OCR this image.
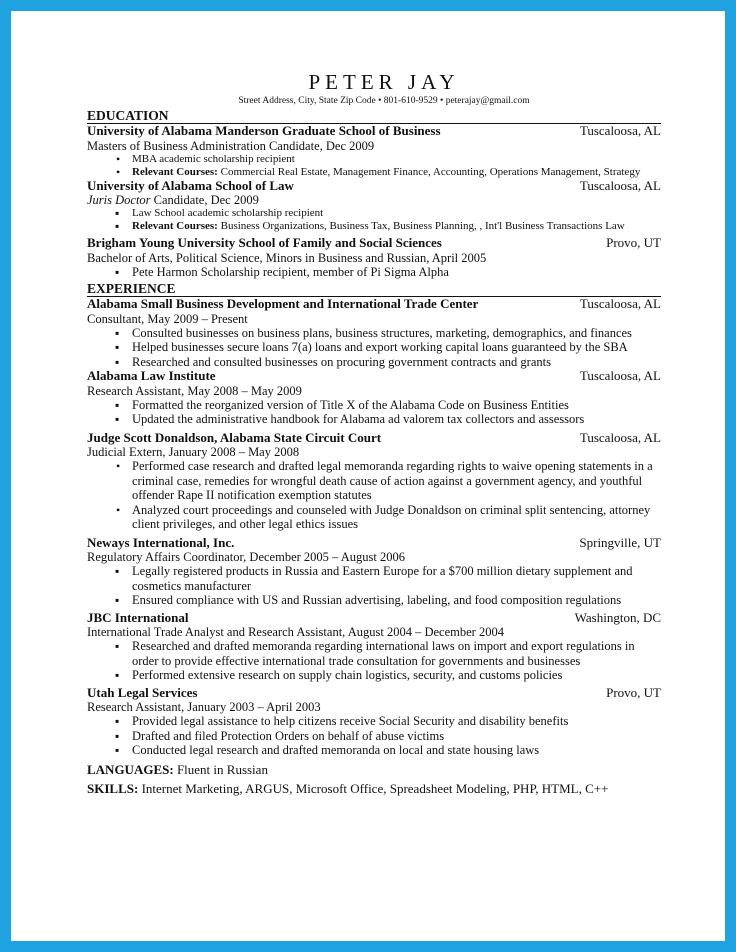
PETER JAY
Street Address, City, State Zip Code • 801-610-9529 • peterajay@gmail.com
EDUCATION
University of Alabama Manderson Graduate School of Business	Tuscaloosa, AL
Masters of Business Administration Candidate, Dec 2009
• MBA academic scholarship recipient
• Relevant Courses: Commercial Real Estate, Management Finance, Accounting, Operations Management, Strategy
University of Alabama School of Law	Tuscaloosa, AL
Juris Doctor Candidate, Dec 2009
▪ Law School academic scholarship recipient
▪ Relevant Courses: Business Organizations, Business Tax, Business Planning, , Int'l Business Transactions Law
Brigham Young University School of Family and Social Sciences	Provo, UT
Bachelor of Arts, Political Science, Minors in Business and Russian, April 2005
▪ Pete Harmon Scholarship recipient, member of Pi Sigma Alpha
EXPERIENCE
Alabama Small Business Development and International Trade Center	Tuscaloosa, AL
Consultant, May 2009 – Present
▪ Consulted businesses on business plans, business structures, marketing, demographics, and finances
▪ Helped businesses secure loans 7(a) loans and export working capital loans guaranteed by the SBA
▪ Researched and consulted businesses on procuring government contracts and grants
Alabama Law Institute	Tuscaloosa, AL
Research Assistant, May 2008 – May 2009
▪ Formatted the reorganized version of Title X of the Alabama Code on Business Entities
▪ Updated the administrative handbook for Alabama ad valorem tax collectors and assessors
Judge Scott Donaldson, Alabama State Circuit Court	Tuscaloosa, AL
Judicial Extern, January 2008 – May 2008
• Performed case research and drafted legal memoranda regarding rights to waive opening statements in a criminal case, remedies for wrongful death cause of action against a government agency, and youthful offender Rape II notification exemption statutes
• Analyzed court proceedings and counseled with Judge Donaldson on criminal split sentencing, attorney client privileges, and other legal ethics issues
Neways International, Inc.	Springville, UT
Regulatory Affairs Coordinator, December 2005 – August 2006
▪ Legally registered products in Russia and Eastern Europe for a $700 million dietary supplement and cosmetics manufacturer
▪ Ensured compliance with US and Russian advertising, labeling, and food composition regulations
JBC International	Washington, DC
International Trade Analyst and Research Assistant, August 2004 – December 2004
▪ Researched and drafted memoranda regarding international laws on import and export regulations in order to provide effective international trade consultation for governments and businesses
▪ Performed extensive research on supply chain logistics, security, and customs policies
Utah Legal Services	Provo, UT
Research Assistant, January 2003 – April 2003
▪ Provided legal assistance to help citizens receive Social Security and disability benefits
▪ Drafted and filed Protection Orders on behalf of abuse victims
▪ Conducted legal research and drafted memoranda on local and state housing laws
LANGUAGES: Fluent in Russian
SKILLS: Internet Marketing, ARGUS, Microsoft Office, Spreadsheet Modeling, PHP, HTML, C++
